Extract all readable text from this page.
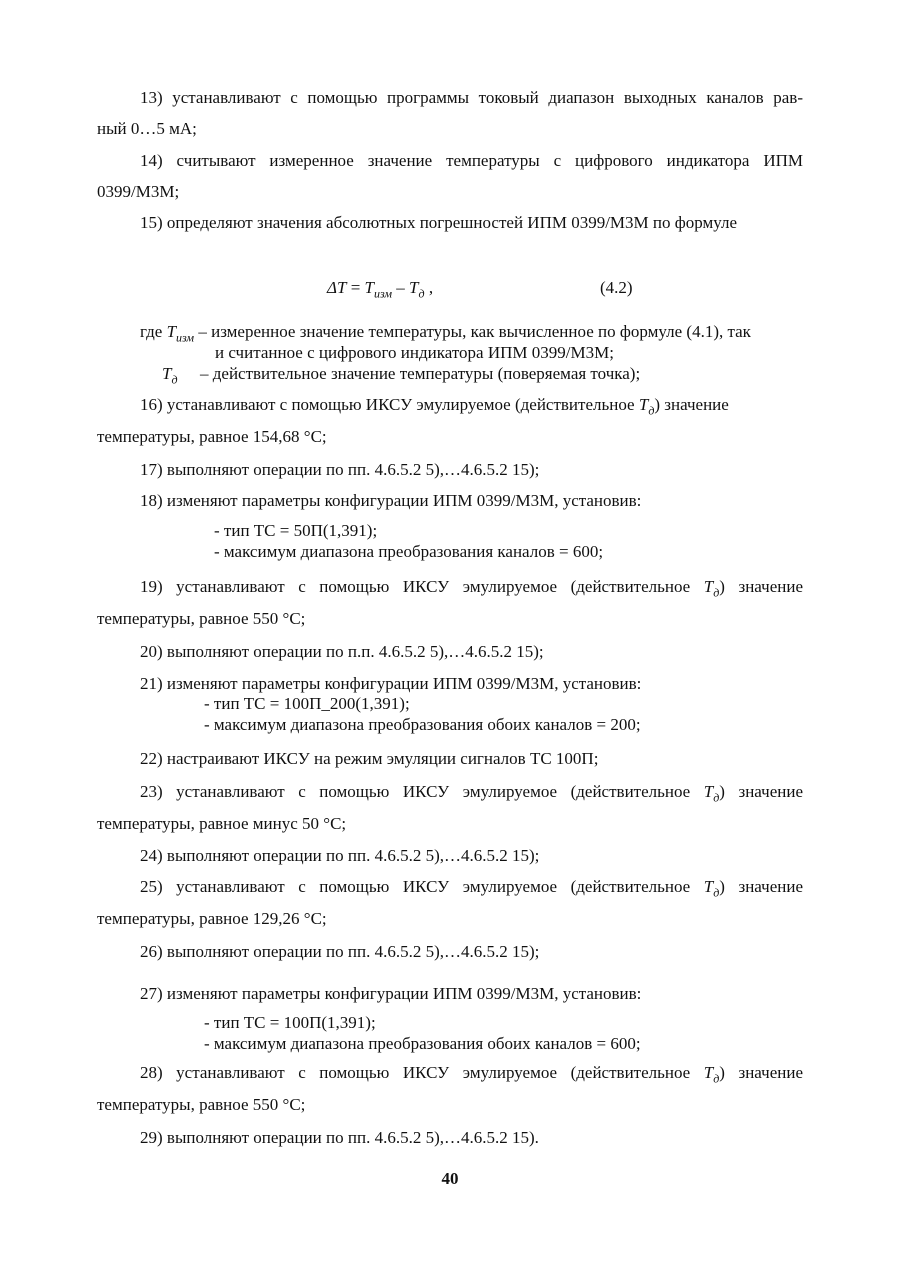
13) устанавливают с помощью программы токовый диапазон выходных каналов рав-
ный 0…5 мА;
14) считывают измеренное значение температуры с цифрового индикатора ИПМ
0399/М3М;
15) определяют значения абсолютных погрешностей ИПМ 0399/М3М по формуле
$\Delta T = T_{изм} - T_д$ ,	(4.2)
где $T_{изм}$ – измеренное значение температуры, как вычисленное по формуле (4.1), так
и считанное с цифрового индикатора ИПМ 0399/М3М;
$T_д$ – действительное значение температуры (поверяемая точка);
16) устанавливают с помощью ИКСУ эмулируемое (действительное $T_д$) значение
температуры, равное 154,68 °С;
17) выполняют операции по пп. 4.6.5.2 5),…4.6.5.2 15);
18) изменяют параметры конфигурации ИПМ 0399/М3М, установив:
- тип ТС = 50П(1,391);
- максимум диапазона преобразования каналов = 600;
19) устанавливают с помощью ИКСУ эмулируемое (действительное $T_д$) значение
температуры, равное 550 °С;
20) выполняют операции по п.п. 4.6.5.2 5),…4.6.5.2 15);
21) изменяют параметры конфигурации ИПМ 0399/М3М, установив:
- тип ТС = 100П_200(1,391);
- максимум диапазона преобразования обоих каналов = 200;
22) настраивают ИКСУ на режим эмуляции сигналов ТС 100П;
23) устанавливают с помощью ИКСУ эмулируемое (действительное $T_д$) значение
температуры, равное минус 50 °С;
24) выполняют операции по пп. 4.6.5.2 5),…4.6.5.2 15);
25) устанавливают с помощью ИКСУ эмулируемое (действительное $T_д$) значение
температуры, равное 129,26 °С;
26) выполняют операции по пп. 4.6.5.2 5),…4.6.5.2 15);
27) изменяют параметры конфигурации ИПМ 0399/М3М, установив:
- тип ТС = 100П(1,391);
- максимум диапазона преобразования обоих каналов = 600;
28) устанавливают с помощью ИКСУ эмулируемое (действительное $T_д$) значение
температуры, равное 550 °С;
29) выполняют операции по пп. 4.6.5.2 5),…4.6.5.2 15).
40
